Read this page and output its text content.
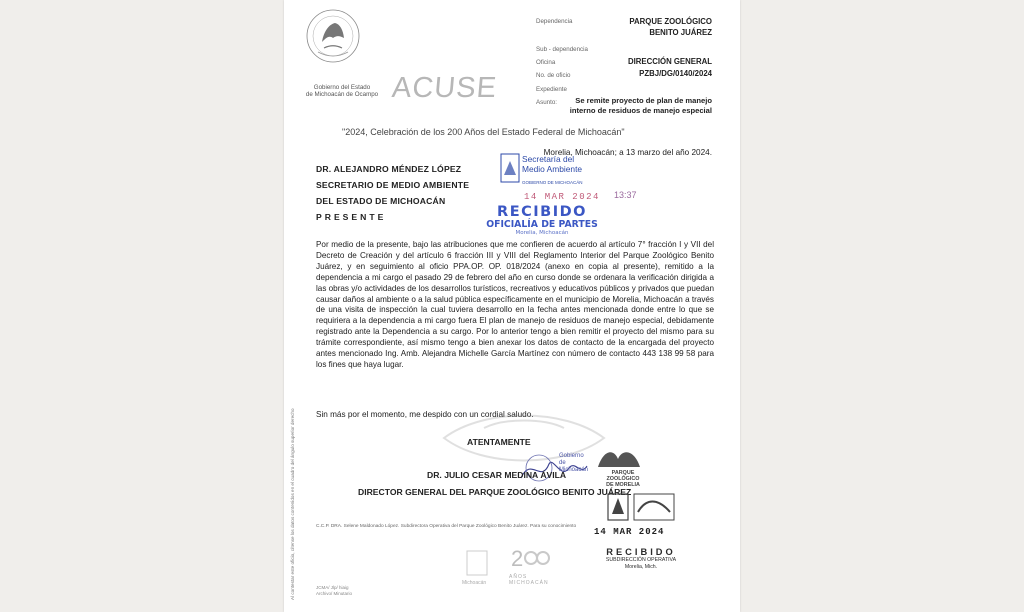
Gobierno del Estado
de Michoacán de Ocampo ACUSE
Dependencia	PARQUE ZOOLÓGICO
BENITO JUÁREZ
Sub - dependencia
Oficina	DIRECCIÓN GENERAL
No. de oficio	PZBJ/DG/0140/2024
Expediente
Asunto:	Se remite proyecto de plan de manejo interno de residuos de manejo especial
"2024, Celebración de los 200 Años del Estado Federal de Michoacán"
Morelia, Michoacán; a 13 marzo del año 2024.
DR. ALEJANDRO MÉNDEZ LÓPEZ
SECRETARIO DE MEDIO AMBIENTE
DEL ESTADO DE MICHOACÁN
PRESENTE
Secretaría del
Medio Ambiente
GOBIERNO DE MICHOACÁN
14 MAR 2024 13:37
RECIBIDO
OFICIALÍA DE PARTES
Morelia, Michoacán
Por medio de la presente, bajo las atribuciones que me confieren de acuerdo al artículo 7° fracción I y VII del Decreto de Creación y del artículo 6 fracción III y VIII del Reglamento Interior del Parque Zoológico Benito Juárez, y en seguimiento al oficio PPA.OP. OP. 018/2024 (anexo en copia al presente), remitido a la dependencia a mi cargo el pasado 29 de febrero del año en curso donde se ordenara la verificación dirigida a las obras y/o actividades de los desarrollos turísticos, recreativos y educativos públicos y privados que puedan causar daños al ambiente o a la salud pública específicamente en el municipio de Morelia, Michoacán a través de una visita de inspección la cual tuviera desarrollo en la fecha antes mencionada donde entre lo que se requiriera a la dependencia a mi cargo fuera El plan de manejo de residuos de manejo especial, debidamente registrado ante la Dependencia a su cargo. Por lo anterior tengo a bien remitir el proyecto del mismo para su trámite correspondiente, así mismo tengo a bien anexar los datos de contacto de la encargada del proyecto antes mencionado Ing. Amb. Alejandra Michelle García Martínez con número de contacto 443 138 99 58 para los fines que haya lugar.
Sin más por el momento, me despido con un cordial saludo.
ATENTAMENTE
Gobierno
de
Michoacán	PARQUE
ZOOLÓGICO
DE MORELIA
DR. JULIO CESAR MEDINA ÁVILA
DIRECTOR GENERAL DEL PARQUE ZOOLÓGICO BENITO JUÁREZ
C.C.P. DRA. Selene Maldonado López. Subdirectora Operativa del Parque Zoológico Benito Juárez. Para su conocimiento
14 MAR 2024
RECIBIDO
SUBDIRECCIÓN OPERATIVA
Morelia, Mich.
Al contestar este oficio, cítense los datos contenidos en el cuadro del ángulo superior derecho	JCMA/ Jlp/ hiaig
Archivo/ Minutario
Michoacán
2
AÑOS
MICHOACÁN
